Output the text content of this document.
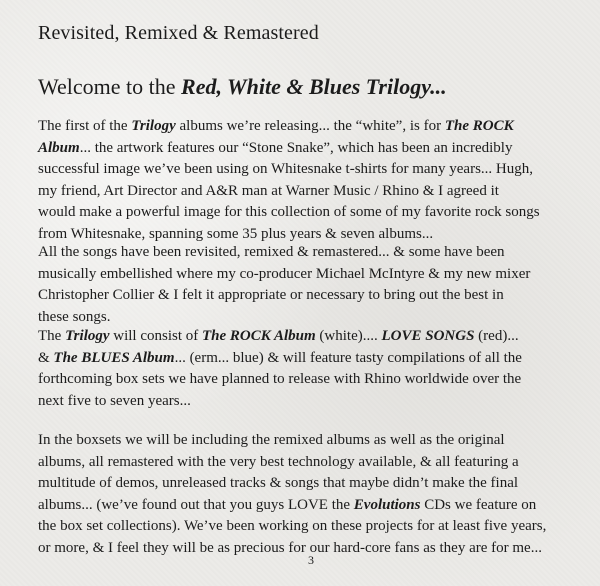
Revisited, Remixed & Remastered
Welcome to the Red, White & Blues Trilogy...
The first of the Trilogy albums we’re releasing... the “white”, is for The ROCK
Album... the artwork features our “Stone Snake”, which has been an incredibly
successful image we’ve been using on Whitesnake t-shirts for many years... Hugh,
my friend, Art Director and A&R man at Warner Music / Rhino & I agreed it
would make a powerful image for this collection of some of my favorite rock songs
from Whitesnake, spanning some 35 plus years & seven albums...
All the songs have been revisited, remixed & remastered... & some have been
musically embellished where my co-producer Michael McIntyre & my new mixer
Christopher Collier & I felt it appropriate or necessary to bring out the best in
these songs.
The Trilogy will consist of The ROCK Album (white).... LOVE SONGS (red)...
& The BLUES Album... (erm... blue) & will feature tasty compilations of all the
forthcoming box sets we have planned to release with Rhino worldwide over the
next five to seven years...
In the boxsets we will be including the remixed albums as well as the original
albums, all remastered with the very best technology available, & all featuring a
multitude of demos, unreleased tracks & songs that maybe didn’t make the final
albums... (we’ve found out that you guys LOVE the Evolutions CDs we feature on
the box set collections). We’ve been working on these projects for at least five years,
or more, & I feel they will be as precious for our hard-core fans as they are for me...
3
